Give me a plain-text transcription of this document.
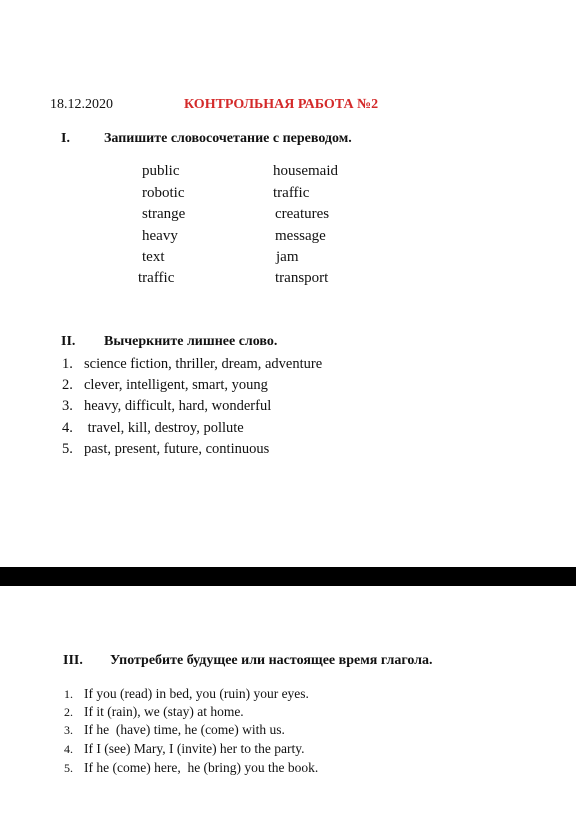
18.12.2020	КОНТРОЛЬНАЯ РАБОТА №2
I. Запишите словосочетание с переводом.
public
robotic
strange
heavy
text
traffic
housemaid
traffic
creatures
message
jam
transport
II. Вычеркните лишнее слово.
1. science fiction, thriller, dream, adventure
2. clever, intelligent, smart, young
3. heavy, difficult, hard, wonderful
4. travel, kill, destroy, pollute
5. past, present, future, continuous
III. Употребите будущее или настоящее время глагола.
1. If you (read) in bed, you (ruin) your eyes.
2. If it (rain), we (stay) at home.
3. If he  (have) time, he (come) with us.
4. If I (see) Mary, I (invite) her to the party.
5. If he (come) here,  he (bring) you the book.
